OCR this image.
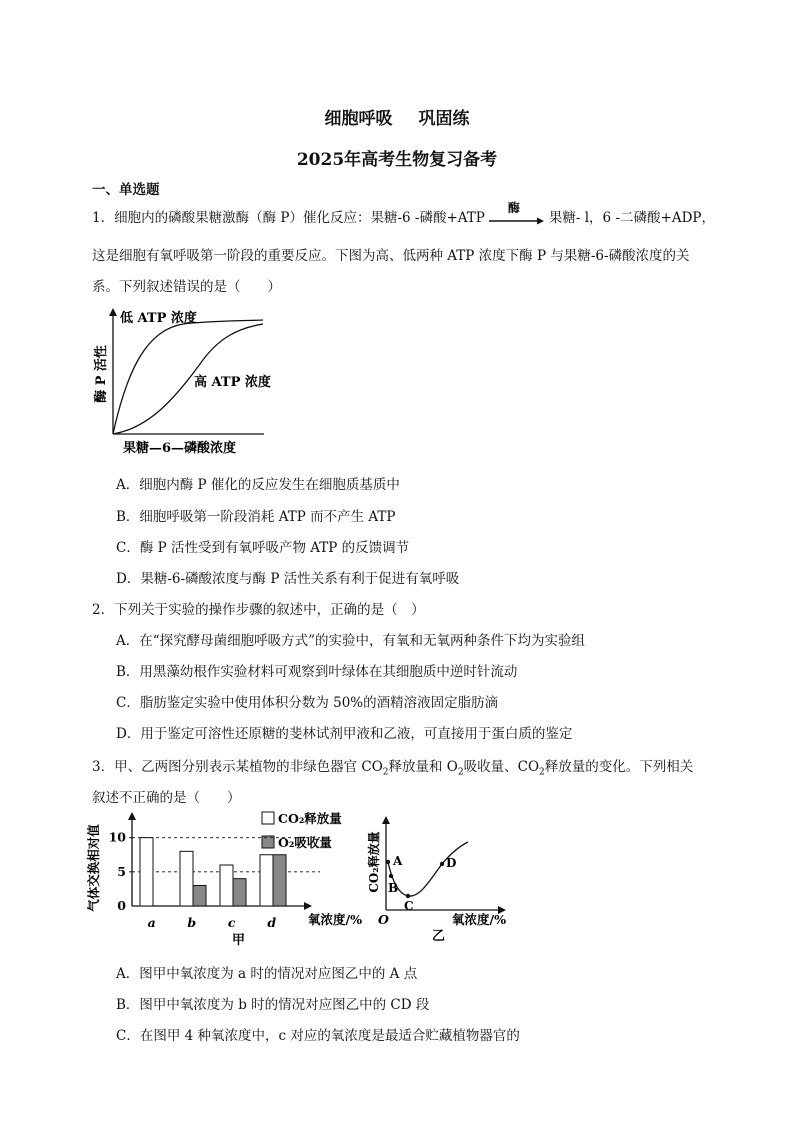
细胞呼吸 巩固练
2025年高考生物复习备考
一、单选题
1．细胞内的磷酸果糖激酶（酶 P）催化反应：果糖-6 -磷酸+ATP
酶
果糖- l，6 -二磷酸+ADP，
这是细胞有氧呼吸第一阶段的重要反应。下图为高、低两种 ATP 浓度下酶 P 与果糖-6-磷酸浓度的关
系。下列叙述错误的是（　　）
低 ATP 浓度
高 ATP 浓度
酶 P 活性
果糖—6—磷酸浓度
A．细胞内酶 P 催化的反应发生在细胞质基质中
B．细胞呼吸第一阶段消耗 ATP 而不产生 ATP
C．酶 P 活性受到有氧呼吸产物 ATP 的反馈调节
D．果糖-6-磷酸浓度与酶 P 活性关系有利于促进有氧呼吸
2．下列关于实验的操作步骤的叙述中，正确的是（　）
A．在“探究酵母菌细胞呼吸方式”的实验中，有氧和无氧两种条件下均为实验组
B．用黑藻幼根作实验材料可观察到叶绿体在其细胞质中逆时针流动
C．脂肪鉴定实验中使用体积分数为 50%的酒精溶液固定脂肪滴
D．用于鉴定可溶性还原糖的斐林试剂甲液和乙液，可直接用于蛋白质的鉴定
3．甲、乙两图分别表示某植物的非绿色器官 $CO_2$释放量和 $O_2$吸收量、$CO_2$释放量的变化。下列相关
叙述不正确的是（　　）
气体交换相对值
CO₂释放量
O₂吸收量
氧浓度/%
甲
0
5
10
a	b	c	d
CO₂释放量 A
B
C
D
O	氧浓度/%
乙
A．图甲中氧浓度为 a 时的情况对应图乙中的 A 点
B．图甲中氧浓度为 b 时的情况对应图乙中的 CD 段
C．在图甲 4 种氧浓度中，c 对应的氧浓度是最适合贮藏植物器官的
